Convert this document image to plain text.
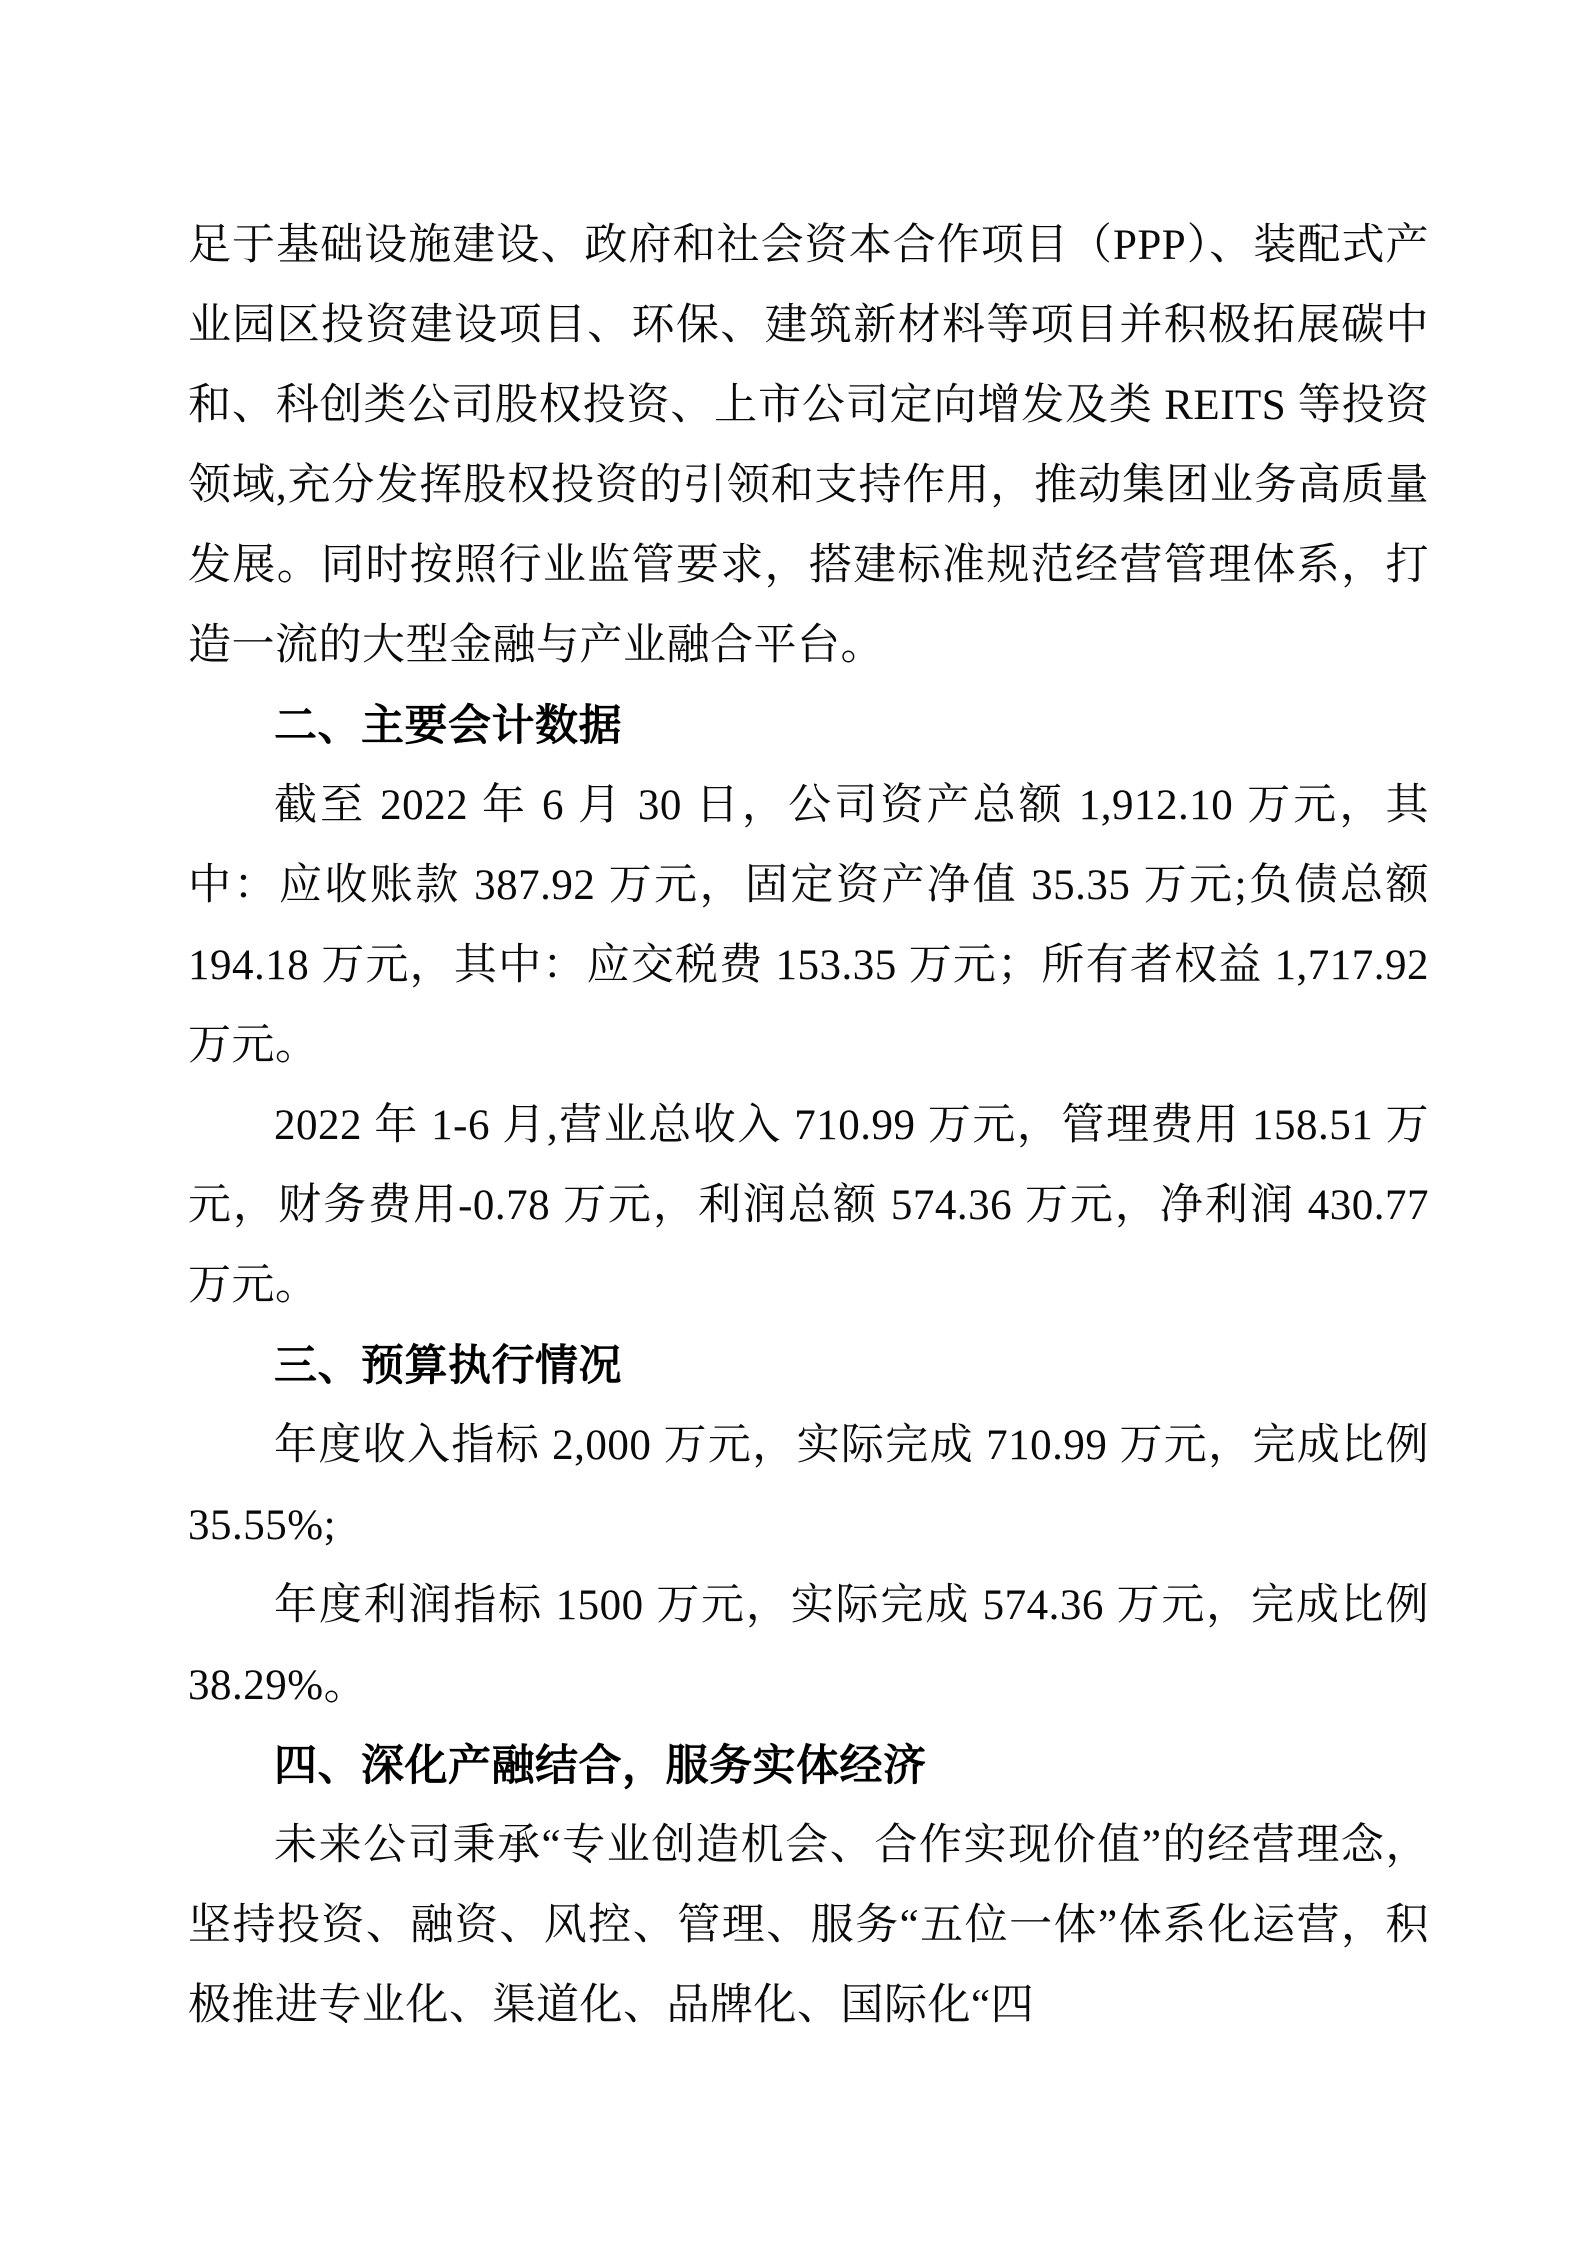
足于基础设施建设、政府和社会资本合作项目（PPP）、装配式产业园区投资建设项目、环保、建筑新材料等项目并积极拓展碳中和、科创类公司股权投资、上市公司定向增发及类 REITS 等投资领域,充分发挥股权投资的引领和支持作用，推动集团业务高质量发展。同时按照行业监管要求，搭建标准规范经营管理体系，打造一流的大型金融与产业融合平台。

二、主要会计数据

截至 2022 年 6 月 30 日，公司资产总额 1,912.10 万元，其中：应收账款 387.92 万元，固定资产净值 35.35 万元;负债总额 194.18 万元，其中：应交税费 153.35 万元；所有者权益 1,717.92 万元。

2022 年 1-6 月,营业总收入 710.99 万元，管理费用 158.51 万元，财务费用-0.78 万元，利润总额 574.36 万元，净利润 430.77 万元。

三、预算执行情况

年度收入指标 2,000 万元，实际完成 710.99 万元，完成比例 35.55%;

年度利润指标 1500 万元，实际完成 574.36 万元，完成比例 38.29%。

四、深化产融结合，服务实体经济

未来公司秉承“专业创造机会、合作实现价值”的经营理念，坚持投资、融资、风控、管理、服务“五位一体”体系化运营，积极推进专业化、渠道化、品牌化、国际化“四
